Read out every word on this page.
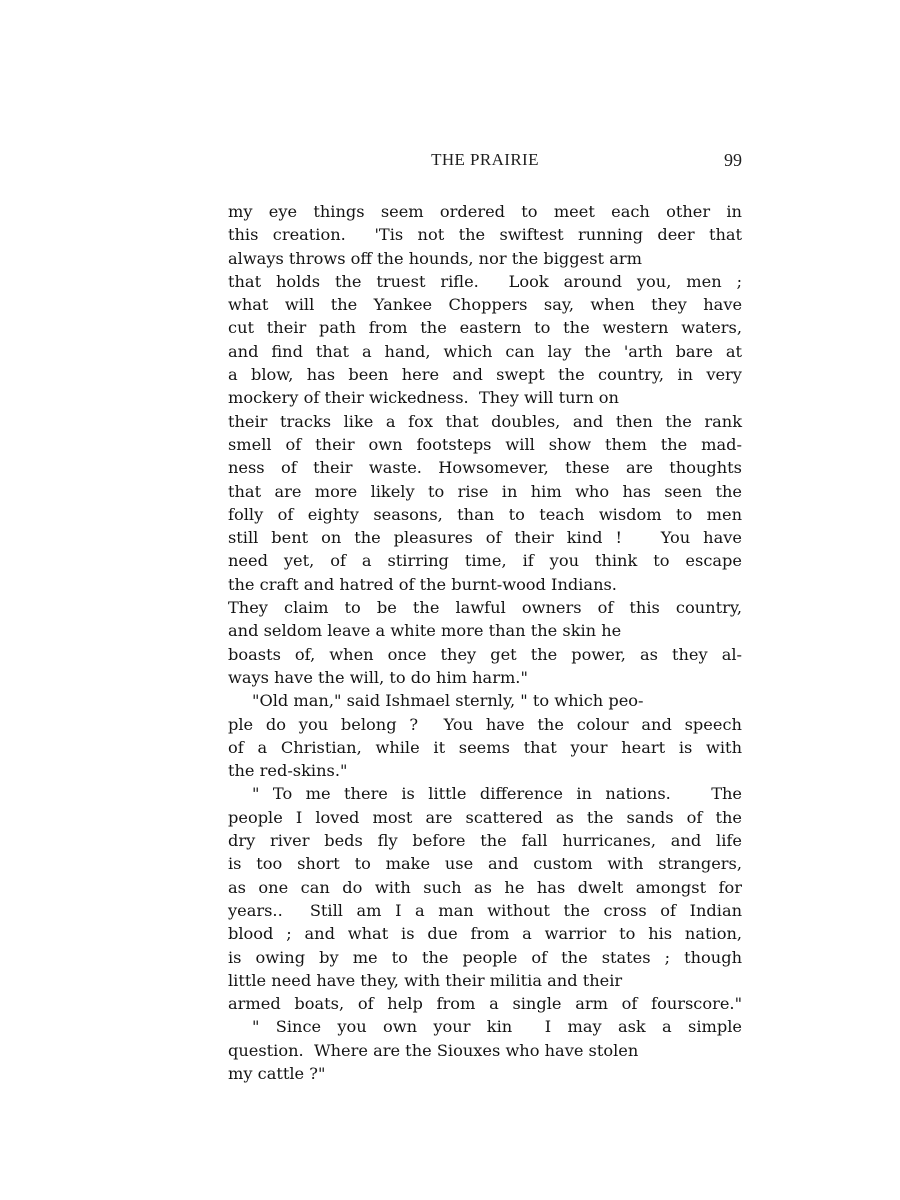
THE PRAIRIE	99
my eye things seem ordered to meet each other in
this creation.  'Tis not the swiftest running deer that
always throws off the hounds, nor the biggest arm
that holds the truest rifle.  Look around you, men ;
what will the Yankee Choppers say, when they have
cut their path from the eastern to the western waters,
and find that a hand, which can lay the 'arth bare at
a blow, has been here and swept the country, in very
mockery of their wickedness.  They will turn on
their tracks like a fox that doubles, and then the rank
smell of their own footsteps will show them the mad-
ness of their waste. Howsomever, these are thoughts
that are more likely to rise in him who has seen the
folly of eighty seasons, than to teach wisdom to men
still bent on the pleasures of their kind !   You have
need yet, of a stirring time, if you think to escape
the craft and hatred of the burnt-wood Indians.
They claim to be the lawful owners of this country,
and seldom leave a white more than the skin he
boasts of, when once they get the power, as they al-
ways have the will, to do him harm."
"Old man," said Ishmael sternly, " to which peo-
ple do you belong ?  You have the colour and speech
of a Christian, while it seems that your heart is with
the red-skins."
" To me there is little difference in nations.   The
people I loved most are scattered as the sands of the
dry river beds fly before the fall hurricanes, and life
is too short to make use and custom with strangers,
as one can do with such as he has dwelt amongst for
years..  Still am I a man without the cross of Indian
blood ; and what is due from a warrior to his nation,
is owing by me to the people of the states ; though
little need have they, with their militia and their
armed boats, of help from a single arm of fourscore."
" Since you own your kin  I may ask a simple
question.  Where are the Siouxes who have stolen
my cattle ?"
